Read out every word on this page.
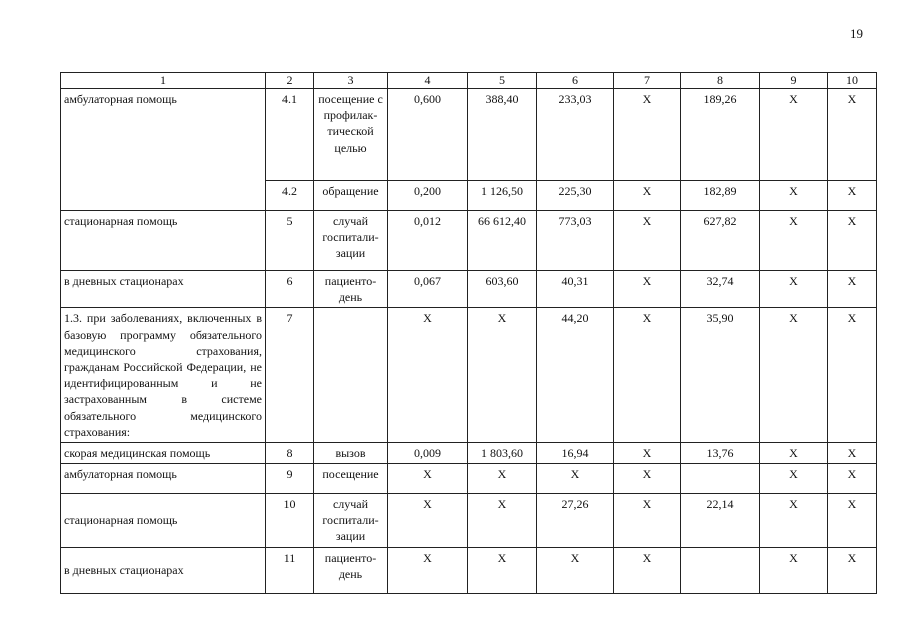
19
1	2	3	4	5	6	7	8	9	10
амбулаторная помощь	4.1	посещение с профилак-тической целью	0,600	388,40	233,03	Х	189,26	Х	Х
	4.2	обращение	0,200	1 126,50	225,30	Х	182,89	Х	Х
стационарная помощь	5	случай госпитали-зации	0,012	66 612,40	773,03	Х	627,82	Х	Х
в дневных стационарах	6	пациенто-день	0,067	603,60	40,31	Х	32,74	Х	Х
1.3. при заболеваниях, включенных в базовую программу обязательного медицинского страхования, гражданам Российской Федерации, не идентифицированным и не застрахованным в системе обязательного медицинского страхования:	7		Х	Х	44,20	Х	35,90	Х	Х
скорая медицинская помощь	8	вызов	0,009	1 803,60	16,94	Х	13,76	Х	Х
амбулаторная помощь	9	посещение	Х	Х	Х	Х		Х	Х
стационарная помощь	10	случай госпитали-зации	Х	Х	27,26	Х	22,14	Х	Х
в дневных стационарах	11	пациенто-день	Х	Х	Х	Х		Х	Х
